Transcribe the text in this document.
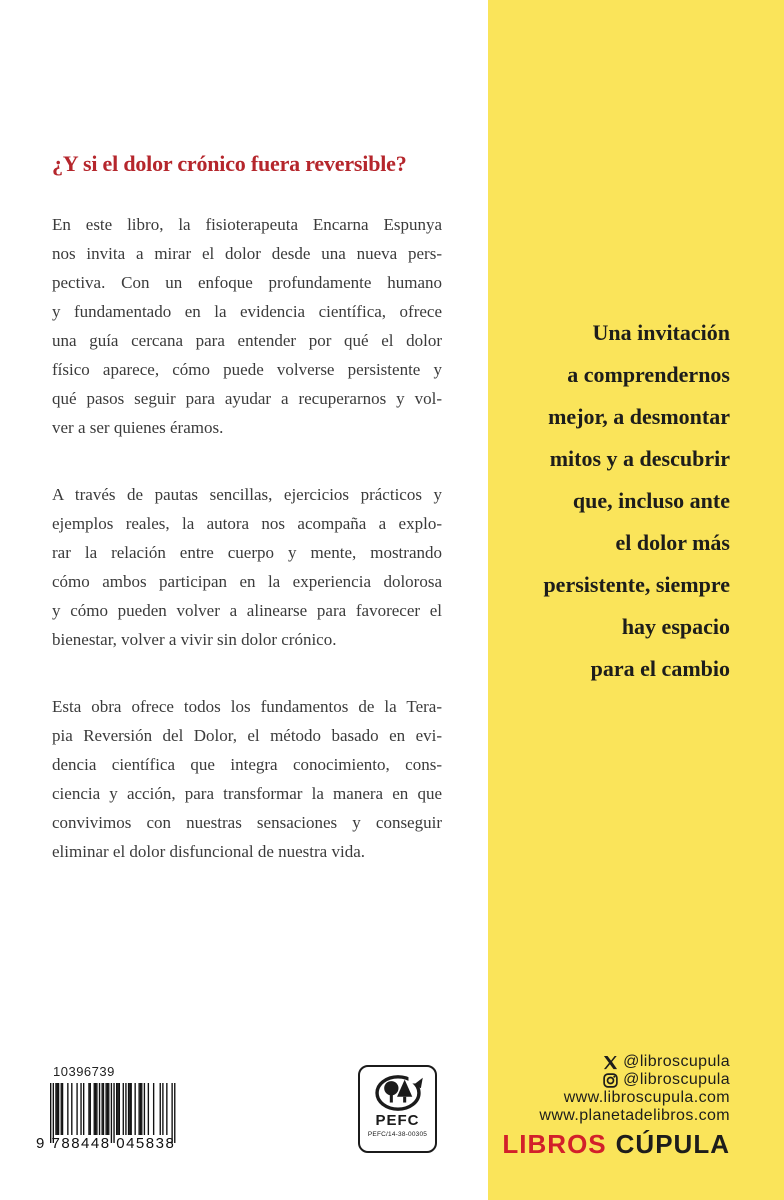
¿Y si el dolor crónico fuera reversible?
En este libro, la fisioterapeuta Encarna Espunya
nos invita a mirar el dolor desde una nueva pers-
pectiva. Con un enfoque profundamente humano
y fundamentado en la evidencia científica, ofrece
una guía cercana para entender por qué el dolor
físico aparece, cómo puede volverse persistente y
qué pasos seguir para ayudar a recuperarnos y vol-
ver a ser quienes éramos.
A través de pautas sencillas, ejercicios prácticos y
ejemplos reales, la autora nos acompaña a explo-
rar la relación entre cuerpo y mente, mostrando
cómo ambos participan en la experiencia dolorosa
y cómo pueden volver a alinearse para favorecer el
bienestar, volver a vivir sin dolor crónico.
Esta obra ofrece todos los fundamentos de la Tera-
pia Reversión del Dolor, el método basado en evi-
dencia científica que integra conocimiento, cons-
ciencia y acción, para transformar la manera en que
convivimos con nuestras sensaciones y conseguir
eliminar el dolor disfuncional de nuestra vida.
Una invitación
a comprendernos
mejor, a desmontar
mitos y a descubrir
que, incluso ante
el dolor más
persistente, siempre
hay espacio
para el cambio
10396739
9 788448 045838
PEFC
PEFC/14-38-00305
@libroscupula
@libroscupula
www.libroscupula.com
www.planetadelibros.com
LIBROS CÚPULA
